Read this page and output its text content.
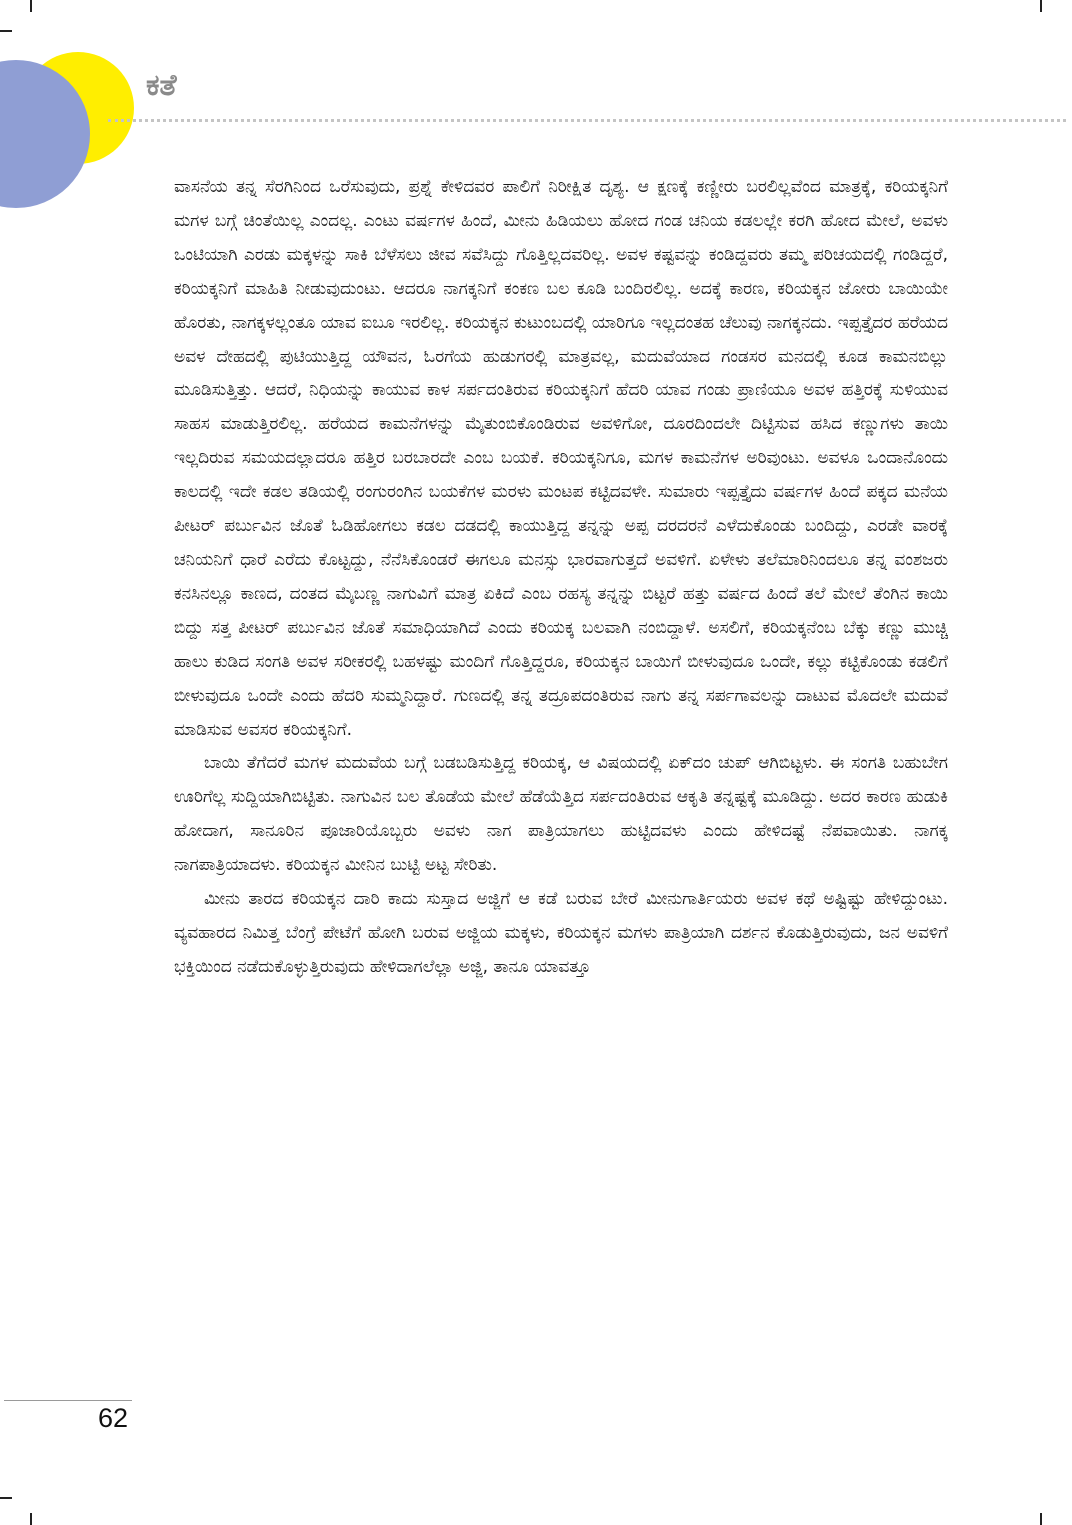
ಕತೆ

ವಾಸನೆಯ ತನ್ನ ಸೆರಗಿನಿಂದ ಒರೆಸುವುದು, ಪ್ರಶ್ನೆ ಕೇಳಿದವರ ಪಾಲಿಗೆ ನಿರೀಕ್ಷಿತ ದೃಶ್ಯ. ಆ ಕ್ಷಣಕ್ಕೆ ಕಣ್ಣೀರು ಬರಲಿಲ್ಲವೆಂದ ಮಾತ್ರಕ್ಕೆ, ಕರಿಯಕ್ಕನಿಗೆ ಮಗಳ ಬಗ್ಗೆ ಚಿಂತೆಯಿಲ್ಲ ಎಂದಲ್ಲ. ಎಂಟು ವರ್ಷಗಳ ಹಿಂದೆ, ಮೀನು ಹಿಡಿಯಲು ಹೋದ ಗಂಡ ಚನಿಯ ಕಡಲಲ್ಲೇ ಕರಗಿ ಹೋದ ಮೇಲೆ, ಅವಳು ಒಂಟಿಯಾಗಿ ಎರಡು ಮಕ್ಕಳನ್ನು ಸಾಕಿ ಬೆಳೆಸಲು ಜೀವ ಸವೆಸಿದ್ದು ಗೊತ್ತಿಲ್ಲದವರಿಲ್ಲ. ಅವಳ ಕಷ್ಟವನ್ನು ಕಂಡಿದ್ದವರು ತಮ್ಮ ಪರಿಚಯದಲ್ಲಿ ಗಂಡಿದ್ದರೆ, ಕರಿಯಕ್ಕನಿಗೆ ಮಾಹಿತಿ ನೀಡುವುದುಂಟು. ಆದರೂ ನಾಗಕ್ಕನಿಗೆ ಕಂಕಣ ಬಲ ಕೂಡಿ ಬಂದಿರಲಿಲ್ಲ. ಅದಕ್ಕೆ ಕಾರಣ, ಕರಿಯಕ್ಕನ ಜೋರು ಬಾಯಿಯೇ ಹೊರತು, ನಾಗಕ್ಕಳಲ್ಲಂತೂ ಯಾವ ಐಬೂ ಇರಲಿಲ್ಲ. ಕರಿಯಕ್ಕನ ಕುಟುಂಬದಲ್ಲಿ ಯಾರಿಗೂ ಇಲ್ಲದಂತಹ ಚೆಲುವು ನಾಗಕ್ಕನದು. ಇಪ್ಪತ್ತೈದರ ಹರೆಯದ ಅವಳ ದೇಹದಲ್ಲಿ ಪುಟಿಯುತ್ತಿದ್ದ ಯೌವನ, ಓರಗೆಯ ಹುಡುಗರಲ್ಲಿ ಮಾತ್ರವಲ್ಲ, ಮದುವೆಯಾದ ಗಂಡಸರ ಮನದಲ್ಲಿ ಕೂಡ ಕಾಮನಬಿಲ್ಲು ಮೂಡಿಸುತ್ತಿತ್ತು. ಆದರೆ, ನಿಧಿಯನ್ನು ಕಾಯುವ ಕಾಳ ಸರ್ಪದಂತಿರುವ ಕರಿಯಕ್ಕನಿಗೆ ಹೆದರಿ ಯಾವ ಗಂಡು ಪ್ರಾಣಿಯೂ ಅವಳ ಹತ್ತಿರಕ್ಕೆ ಸುಳಿಯುವ ಸಾಹಸ ಮಾಡುತ್ತಿರಲಿಲ್ಲ. ಹರೆಯದ ಕಾಮನೆಗಳನ್ನು ಮೈತುಂಬಿಕೊಂಡಿರುವ ಅವಳಿಗೋ, ದೂರದಿಂದಲೇ ದಿಟ್ಟಿಸುವ ಹಸಿದ ಕಣ್ಣುಗಳು ತಾಯಿ ಇಲ್ಲದಿರುವ ಸಮಯದಲ್ಲಾದರೂ ಹತ್ತಿರ ಬರಬಾರದೇ ಎಂಬ ಬಯಕೆ. ಕರಿಯಕ್ಕನಿಗೂ, ಮಗಳ ಕಾಮನೆಗಳ ಅರಿವುಂಟು. ಅವಳೂ ಒಂದಾನೊಂದು ಕಾಲದಲ್ಲಿ ಇದೇ ಕಡಲ ತಡಿಯಲ್ಲಿ ರಂಗುರಂಗಿನ ಬಯಕೆಗಳ ಮರಳು ಮಂಟಪ ಕಟ್ಟಿದವಳೇ. ಸುಮಾರು ಇಪ್ಪತ್ತೈದು ವರ್ಷಗಳ ಹಿಂದೆ ಪಕ್ಕದ ಮನೆಯ ಪೀಟರ್ ಪರ್ಬುವಿನ ಜೊತೆ ಓಡಿಹೋಗಲು ಕಡಲ ದಡದಲ್ಲಿ ಕಾಯುತ್ತಿದ್ದ ತನ್ನನ್ನು ಅಪ್ಪ ದರದರನೆ ಎಳೆದುಕೊಂಡು ಬಂದಿದ್ದು, ಎರಡೇ ವಾರಕ್ಕೆ ಚನಿಯನಿಗೆ ಧಾರೆ ಎರೆದು ಕೊಟ್ಟದ್ದು, ನೆನೆಸಿಕೊಂಡರೆ ಈಗಲೂ ಮನಸ್ಸು ಭಾರವಾಗುತ್ತದೆ ಅವಳಿಗೆ. ಏಳೇಳು ತಲೆಮಾರಿನಿಂದಲೂ ತನ್ನ ವಂಶಜರು ಕನಸಿನಲ್ಲೂ ಕಾಣದ, ದಂತದ ಮೈಬಣ್ಣ ನಾಗುವಿಗೆ ಮಾತ್ರ ಏಕಿದೆ ಎಂಬ ರಹಸ್ಯ ತನ್ನನ್ನು ಬಿಟ್ಟರೆ ಹತ್ತು ವರ್ಷದ ಹಿಂದೆ ತಲೆ ಮೇಲೆ ತೆಂಗಿನ ಕಾಯಿ ಬಿದ್ದು ಸತ್ತ ಪೀಟರ್ ಪರ್ಬುವಿನ ಜೊತೆ ಸಮಾಧಿಯಾಗಿದೆ ಎಂದು ಕರಿಯಕ್ಕ ಬಲವಾಗಿ ನಂಬಿದ್ದಾಳೆ. ಅಸಲಿಗೆ, ಕರಿಯಕ್ಕನೆಂಬ ಬೆಕ್ಕು ಕಣ್ಣು ಮುಚ್ಚಿ ಹಾಲು ಕುಡಿದ ಸಂಗತಿ ಅವಳ ಸರೀಕರಲ್ಲಿ ಬಹಳಷ್ಟು ಮಂದಿಗೆ ಗೊತ್ತಿದ್ದರೂ, ಕರಿಯಕ್ಕನ ಬಾಯಿಗೆ ಬೀಳುವುದೂ ಒಂದೇ, ಕಲ್ಲು ಕಟ್ಟಿಕೊಂಡು ಕಡಲಿಗೆ ಬೀಳುವುದೂ ಒಂದೇ ಎಂದು ಹೆದರಿ ಸುಮ್ಮನಿದ್ದಾರೆ. ಗುಣದಲ್ಲಿ ತನ್ನ ತದ್ರೂಪದಂತಿರುವ ನಾಗು ತನ್ನ ಸರ್ಪಗಾವಲನ್ನು ದಾಟುವ ಮೊದಲೇ ಮದುವೆ ಮಾಡಿಸುವ ಅವಸರ ಕರಿಯಕ್ಕನಿಗೆ.

ಬಾಯಿ ತೆಗೆದರೆ ಮಗಳ ಮದುವೆಯ ಬಗ್ಗೆ ಬಡಬಡಿಸುತ್ತಿದ್ದ ಕರಿಯಕ್ಕ, ಆ ವಿಷಯದಲ್ಲಿ ಏಕ್‌ದಂ ಚುಪ್ ಆಗಿಬಿಟ್ಟಳು. ಈ ಸಂಗತಿ ಬಹುಬೇಗ ಊರಿಗೆಲ್ಲ ಸುದ್ದಿಯಾಗಿಬಿಟ್ಟಿತು. ನಾಗುವಿನ ಬಲ ತೊಡೆಯ ಮೇಲೆ ಹೆಡೆಯೆತ್ತಿದ ಸರ್ಪದಂತಿರುವ ಆಕೃತಿ ತನ್ನಷ್ಟಕ್ಕೆ ಮೂಡಿದ್ದು. ಅದರ ಕಾರಣ ಹುಡುಕಿ ಹೋದಾಗ, ಸಾನೂರಿನ ಪೂಜಾರಿಯೊಬ್ಬರು ಅವಳು ನಾಗ ಪಾತ್ರಿಯಾಗಲು ಹುಟ್ಟಿದವಳು ಎಂದು ಹೇಳಿದಷ್ಟೆ ನೆಪವಾಯಿತು. ನಾಗಕ್ಕ ನಾಗಪಾತ್ರಿಯಾದಳು. ಕರಿಯಕ್ಕನ ಮೀನಿನ ಬುಟ್ಟಿ ಅಟ್ಟ ಸೇರಿತು.

ಮೀನು ತಾರದ ಕರಿಯಕ್ಕನ ದಾರಿ ಕಾದು ಸುಸ್ತಾದ ಅಜ್ಜಿಗೆ ಆ ಕಡೆ ಬರುವ ಬೇರೆ ಮೀನುಗಾರ್ತಿಯರು ಅವಳ ಕಥೆ ಅಷ್ಟಿಷ್ಟು ಹೇಳಿದ್ದುಂಟು. ವ್ಯವಹಾರದ ನಿಮಿತ್ತ ಬೆಂಗ್ರೆ ಪೇಟೆಗೆ ಹೋಗಿ ಬರುವ ಅಜ್ಜಿಯ ಮಕ್ಕಳು, ಕರಿಯಕ್ಕನ ಮಗಳು ಪಾತ್ರಿಯಾಗಿ ದರ್ಶನ ಕೊಡುತ್ತಿರುವುದು, ಜನ ಅವಳಿಗೆ ಭಕ್ತಿಯಿಂದ ನಡೆದುಕೊಳ್ಳುತ್ತಿರುವುದು ಹೇಳಿದಾಗಲೆಲ್ಲಾ ಅಜ್ಜಿ, ತಾನೂ ಯಾವತ್ತೂ

62
